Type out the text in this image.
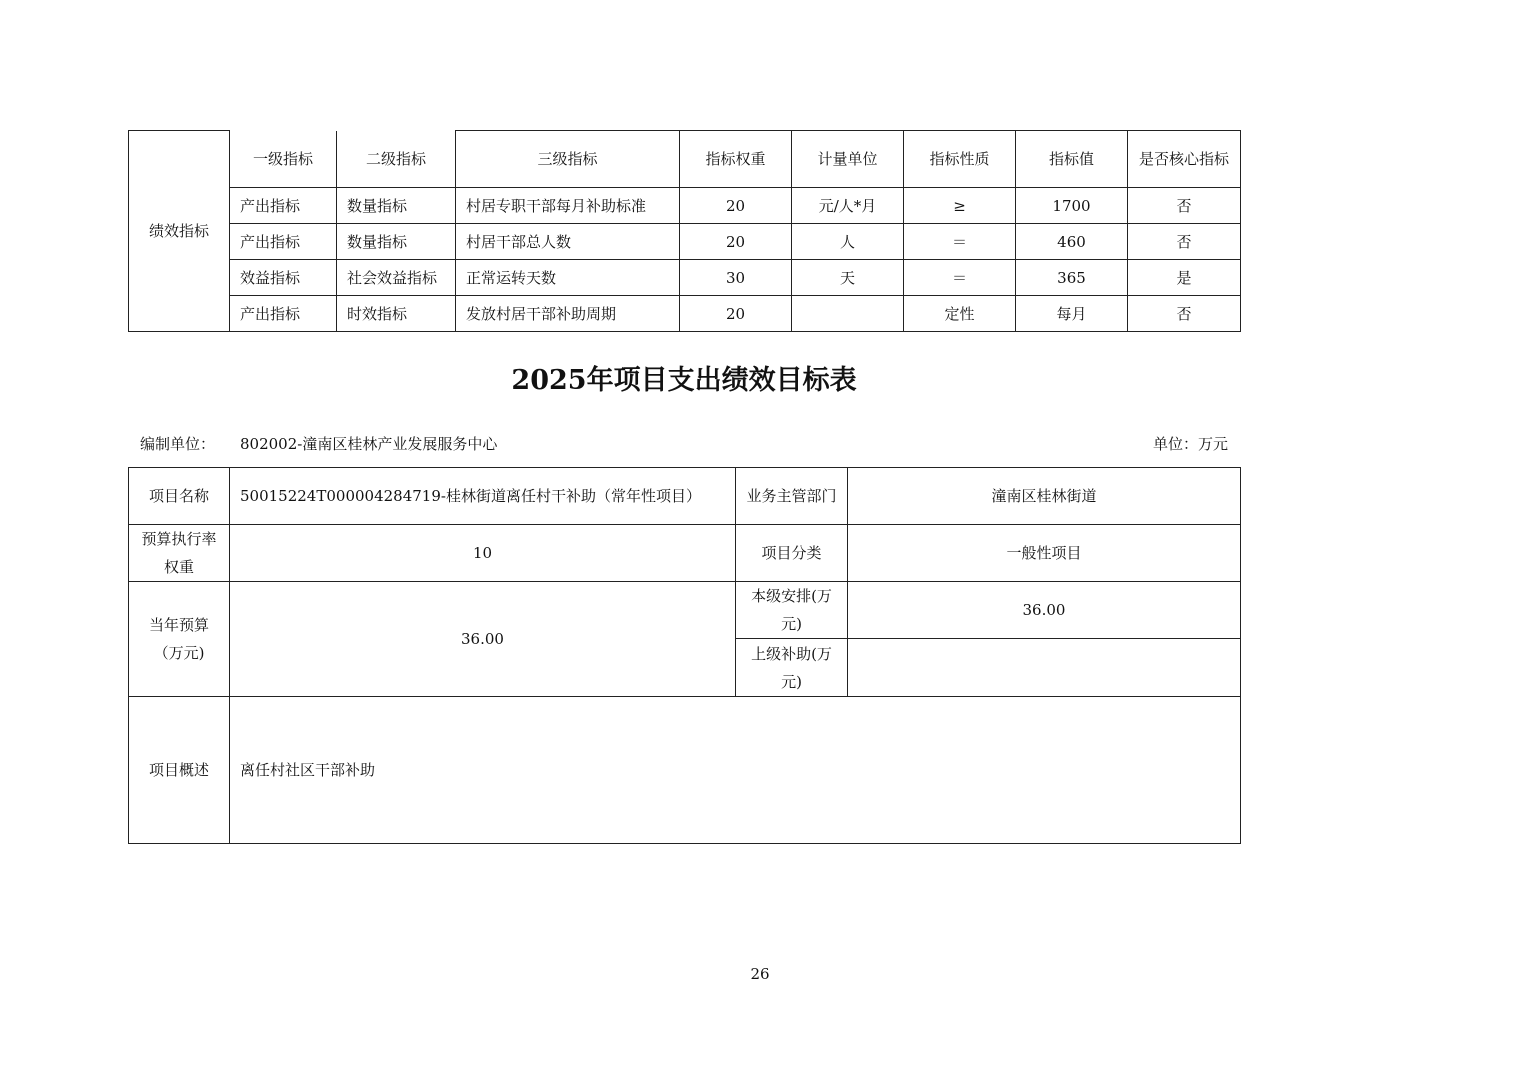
绩效指标	一级指标	二级指标	三级指标	指标权重	计量单位	指标性质	指标值	是否核心指标
	产出指标	数量指标	村居专职干部每月补助标准	20	元/人*月	≥	1700	否
	产出指标	数量指标	村居干部总人数	20	人	＝	460	否
	效益指标	社会效益指标	正常运转天数	30	天	＝	365	是
	产出指标	时效指标	发放村居干部补助周期	20		定性	每月	否
2025年项目支出绩效目标表
编制单位： 802002-潼南区桂林产业发展服务中心	单位：万元
项目名称	50015224T000004284719-桂林街道离任村干补助（常年性项目）	业务主管部门	潼南区桂林街道
预算执行率权重	10	项目分类	一般性项目
当年预算（万元)	36.00	本级安排(万元)	36.00
		上级补助(万元)	
项目概述	离任村社区干部补助		
26
